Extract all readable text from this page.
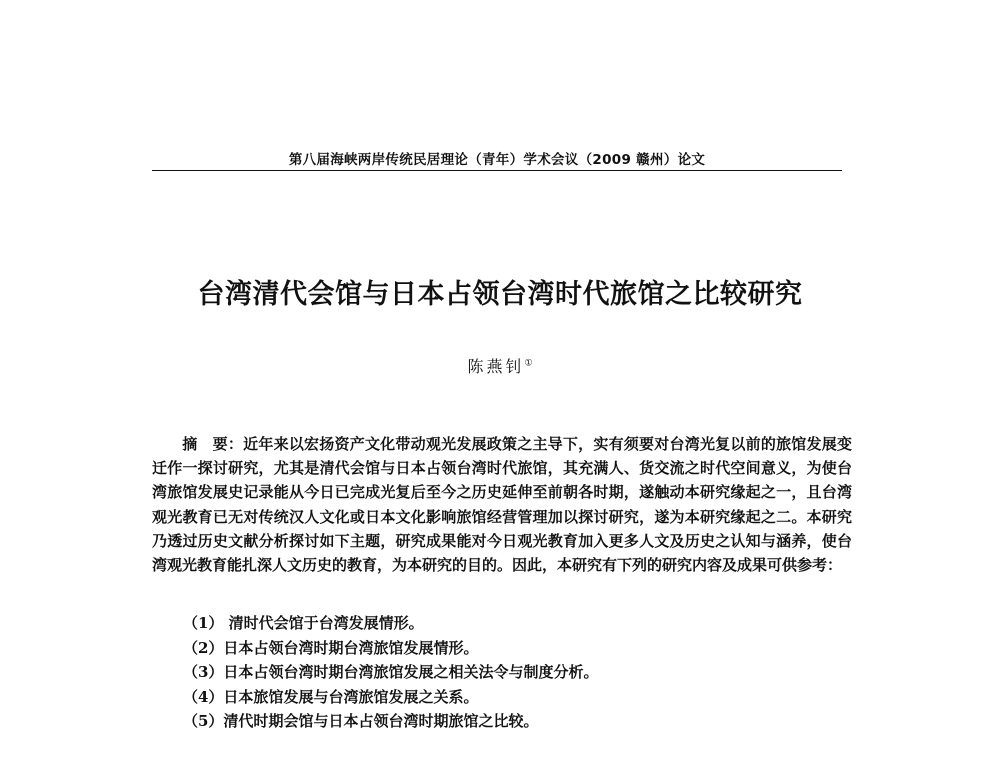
第八届海峡两岸传统民居理论（青年）学术会议（2009 赣州）论文
台湾清代会馆与日本占领台湾时代旅馆之比较研究
陈燕钊①
摘　要：近年来以宏扬资产文化带动观光发展政策之主导下，实有须要对台湾光复以前的旅馆发展变迁作一探讨研究，尤其是清代会馆与日本占领台湾时代旅馆，其充满人、货交流之时代空间意义，为使台湾旅馆发展史记录能从今日已完成光复后至今之历史延伸至前朝各时期，遂触动本研究缘起之一，且台湾观光教育已无对传统汉人文化或日本文化影响旅馆经营管理加以探讨研究，遂为本研究缘起之二。本研究乃透过历史文献分析探讨如下主题，研究成果能对今日观光教育加入更多人文及历史之认知与涵养，使台湾观光教育能扎深人文历史的教育，为本研究的目的。因此，本研究有下列的研究内容及成果可供参考：
（1） 清时代会馆于台湾发展情形。
（2）日本占领台湾时期台湾旅馆发展情形。
（3）日本占领台湾时期台湾旅馆发展之相关法令与制度分析。
（4）日本旅馆发展与台湾旅馆发展之关系。
（5）清代时期会馆与日本占领台湾时期旅馆之比较。
